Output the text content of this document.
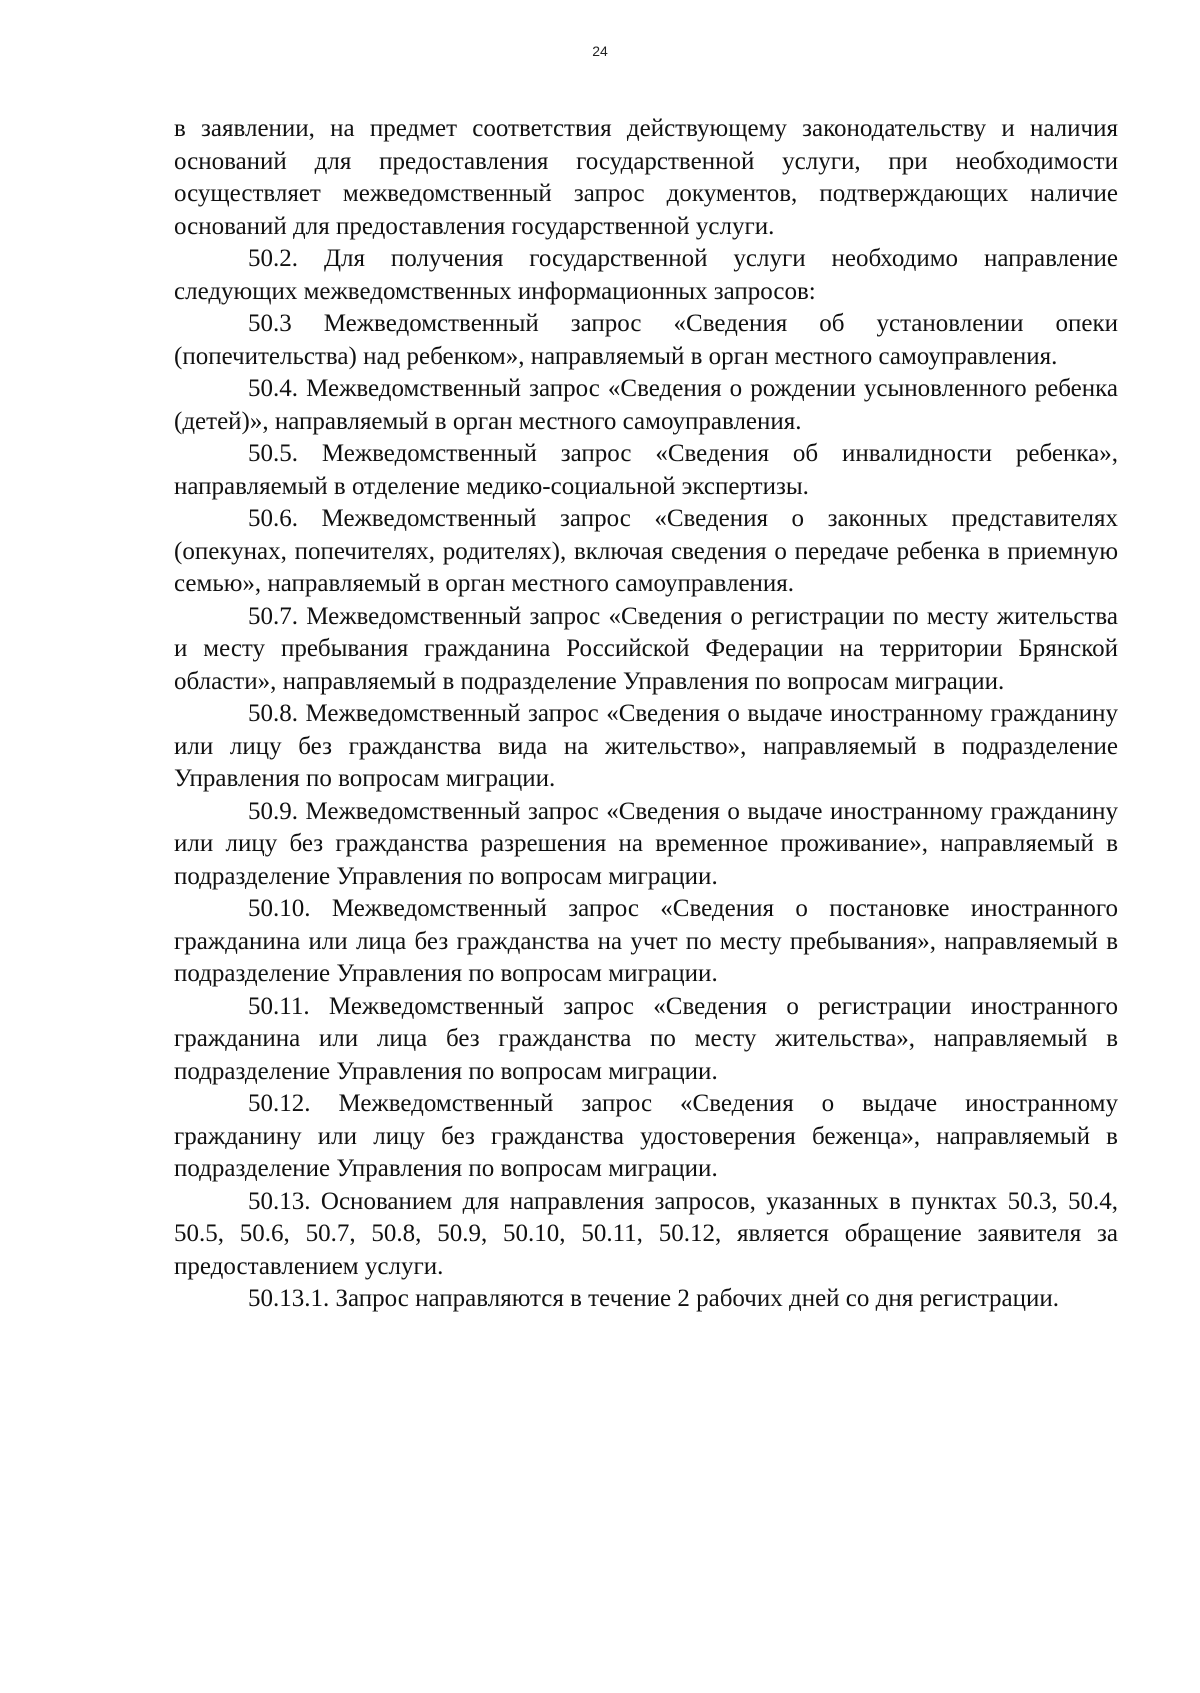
24

в заявлении, на предмет соответствия действующему законодательству и наличия оснований для предоставления государственной услуги, при необходимости осуществляет межведомственный запрос документов, подтверждающих наличие оснований для предоставления государственной услуги.

50.2. Для получения государственной услуги необходимо направление следующих межведомственных информационных запросов:

50.3 Межведомственный запрос «Сведения об установлении опеки (попечительства) над ребенком», направляемый в орган местного самоуправления.

50.4. Межведомственный запрос «Сведения о рождении усыновленного ребенка (детей)», направляемый в орган местного самоуправления.

50.5. Межведомственный запрос «Сведения об инвалидности ребенка», направляемый в отделение медико-социальной экспертизы.

50.6. Межведомственный запрос «Сведения о законных представителях (опекунах, попечителях, родителях), включая сведения о передаче ребенка в приемную семью», направляемый в орган местного самоуправления.

50.7. Межведомственный запрос «Сведения о регистрации по месту жительства и месту пребывания гражданина Российской Федерации на территории Брянской области», направляемый в подразделение Управления по вопросам миграции.

50.8. Межведомственный запрос «Сведения о выдаче иностранному гражданину или лицу без гражданства вида на жительство», направляемый в подразделение Управления по вопросам миграции.

50.9. Межведомственный запрос «Сведения о выдаче иностранному гражданину или лицу без гражданства разрешения на временное проживание», направляемый в подразделение Управления по вопросам миграции.

50.10. Межведомственный запрос «Сведения о постановке иностранного гражданина или лица без гражданства на учет по месту пребывания», направляемый в подразделение Управления по вопросам миграции.

50.11. Межведомственный запрос «Сведения о регистрации иностранного гражданина или лица без гражданства по месту жительства», направляемый в подразделение Управления по вопросам миграции.

50.12. Межведомственный запрос «Сведения о выдаче иностранному гражданину или лицу без гражданства удостоверения беженца», направляемый в подразделение Управления по вопросам миграции.

50.13. Основанием для направления запросов, указанных в пунктах 50.3, 50.4, 50.5, 50.6, 50.7, 50.8, 50.9, 50.10, 50.11, 50.12, является обращение заявителя за предоставлением услуги.

50.13.1. Запрос направляются в течение 2 рабочих дней со дня регистрации.
